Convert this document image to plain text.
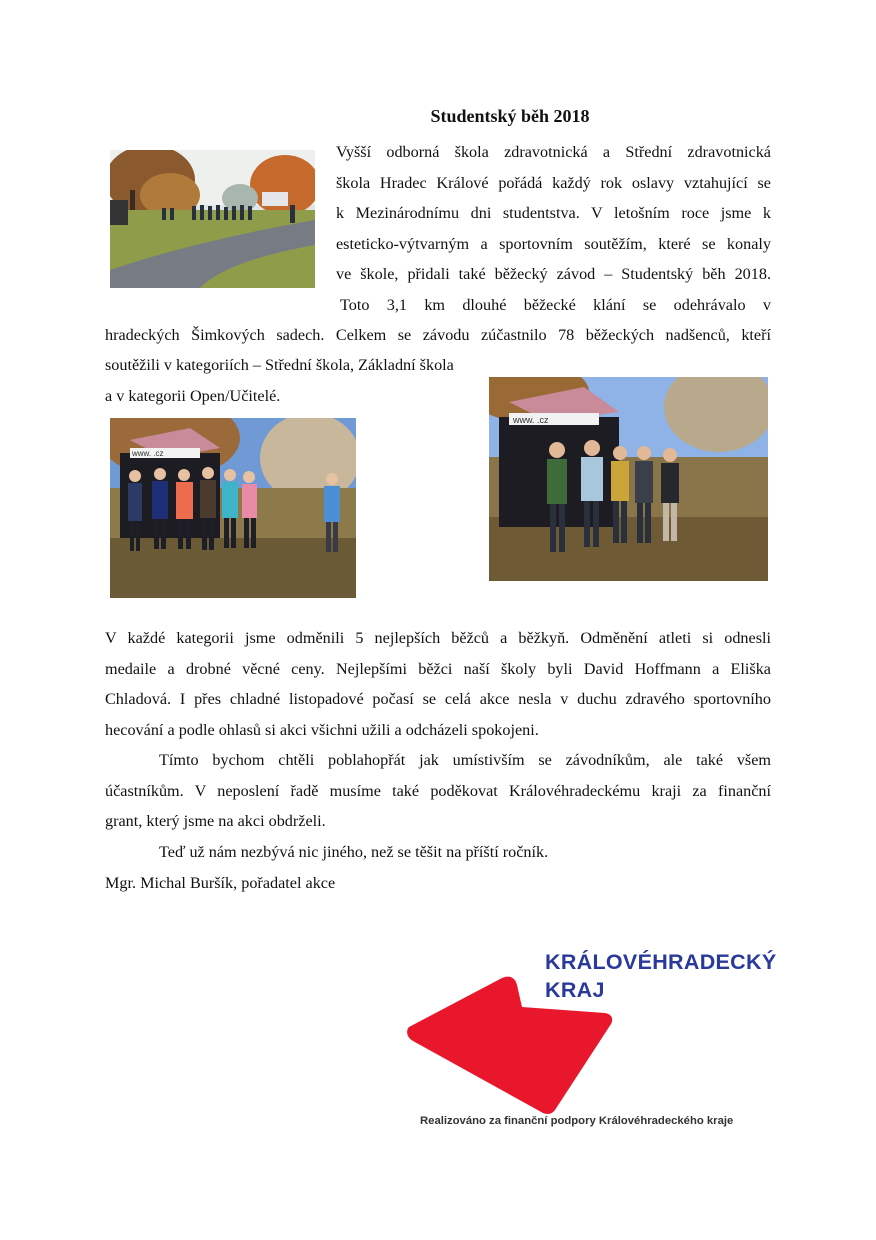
Studentský běh 2018
Vyšší odborná škola zdravotnická a Střední zdravotnická
škola Hradec Králové pořádá každý rok oslavy vztahující se
k Mezinárodnímu dni studentstva. V letošním roce jsme k
esteticko-výtvarným a sportovním soutěžím, které se konaly
ve škole, přidali také běžecký závod – Studentský běh 2018.
Toto 3,1 km dlouhé běžecké klání se odehrávalo v
hradeckých Šimkových sadech. Celkem se závodu zúčastnilo 78 běžeckých nadšenců, kteří
soutěžili v kategoriích – Střední škola, Základní škola
a v kategorii Open/Učitelé.
www. .cz
www. .cz
V každé kategorii jsme odměnili 5 nejlepších běžců a běžkyň. Odměnění atleti si odnesli
medaile a drobné věcné ceny. Nejlepšími běžci naší školy byli David Hoffmann a Eliška
Chladová. I přes chladné listopadové počasí se celá akce nesla v duchu zdravého sportovního
hecování a podle ohlasů si akci všichni užili a odcházeli spokojeni.
Tímto bychom chtěli poblahopřát jak umístivším se závodníkům, ale také všem
účastníkům. V neposlení řadě musíme také poděkovat Královéhradeckému kraji za finanční
grant, který jsme na akci obdrželi.
Teď už nám nezbývá nic jiného, než se těšit na příští ročník.
Mgr. Michal Buršík, pořadatel akce
KRÁLOVÉHRADECKÝ
KRAJ
Realizováno za finanční podpory Královéhradeckého kraje
